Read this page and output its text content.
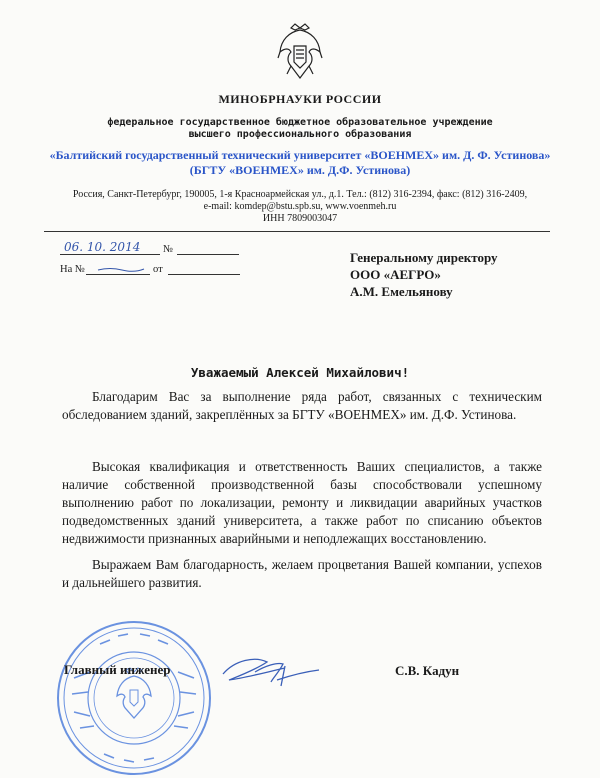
МИНОБРНАУКИ РОССИИ
федеральное государственное бюджетное образовательное учреждение
высшего профессионального образования
«Балтийский государственный технический университет «ВОЕНМЕХ» им. Д. Ф. Устинова»
(БГТУ «ВОЕНМЕХ» им. Д.Ф. Устинова)
Россия, Санкт-Петербург, 190005, 1-я Красноармейская ул., д.1. Тел.: (812) 316-2394, факс: (812) 316-2409,
e-mail: komdep@bstu.spb.su, www.voenmeh.ru
ИНН 7809003047
06. 10. 2014 №
На №	от
Генеральному директору
ООО «АЕГРО»
А.М. Емельянову
Уважаемый Алексей Михайлович!
Благодарим Вас за выполнение ряда работ, связанных с техническим обследованием зданий, закреплённых за БГТУ «ВОЕНМЕХ» им. Д.Ф. Устинова.
Высокая квалификация и ответственность Ваших специалистов, а также наличие собственной производственной базы способствовали успешному выполнению работ по локализации, ремонту и ликвидации аварийных участков подведомственных зданий университета, а также работ по списанию объектов недвижимости признанных аварийными и неподлежащих восстановлению.
Выражаем Вам благодарность, желаем процветания Вашей компании, успехов и дальнейшего развития.
Главный инженер	С.В. Кадун
